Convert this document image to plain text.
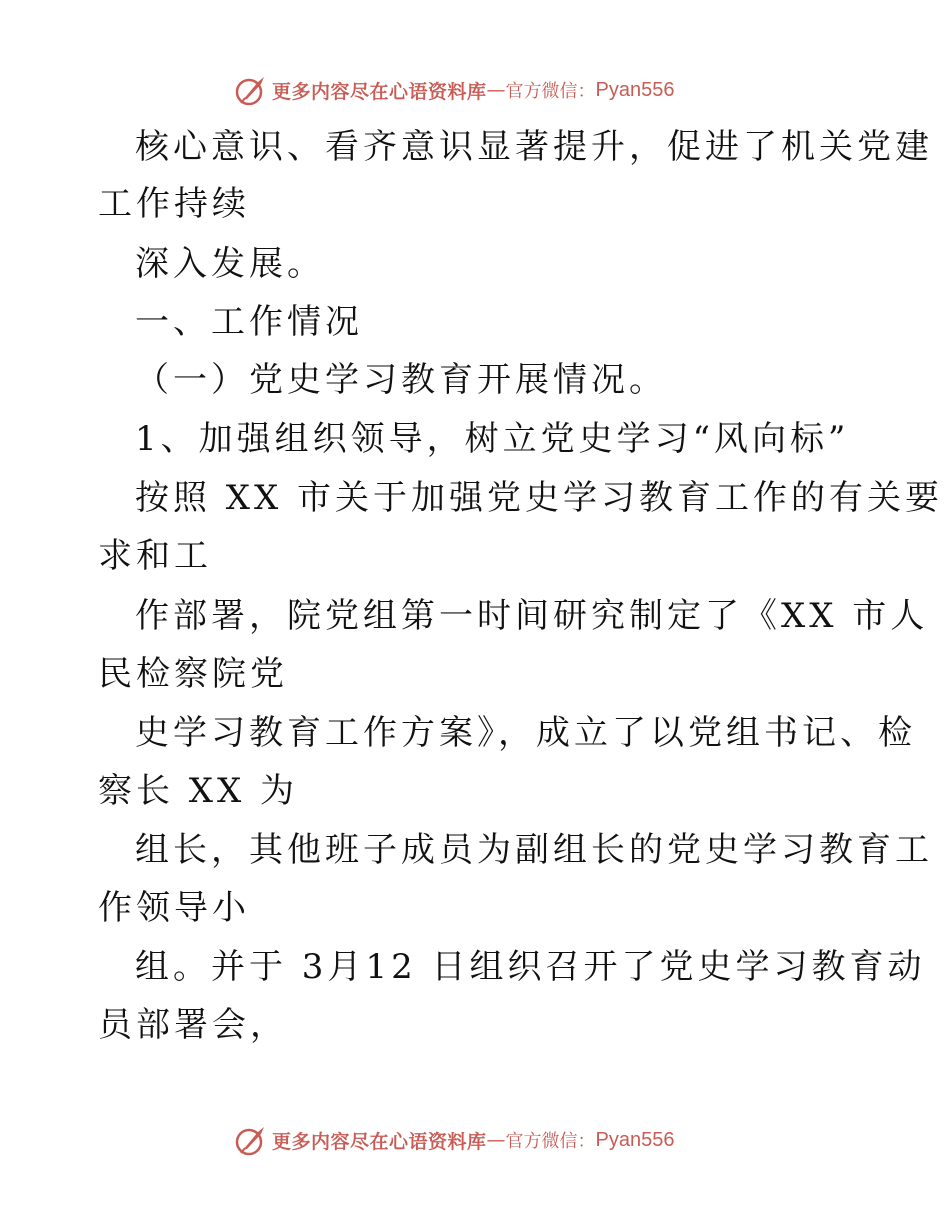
更多内容尽在心语资料库 — 官方微信： Pyan556
核心意识、看齐意识显著提升，促进了机关党建
工作持续
深入发展。
一、工作情况
（一）党史学习教育开展情况。
1、加强组织领导，树立党史学习“风向标”
按照 XX 市关于加强党史学习教育工作的有关要
求和工
作部署，院党组第一时间研究制定了《XX 市人
民检察院党
史学习教育工作方案》，成立了以党组书记、检
察长 XX 为
组长，其他班子成员为副组长的党史学习教育工
作领导小
组。并于 3月12 日组织召开了党史学习教育动
员部署会，
更多内容尽在心语资料库 — 官方微信： Pyan556
